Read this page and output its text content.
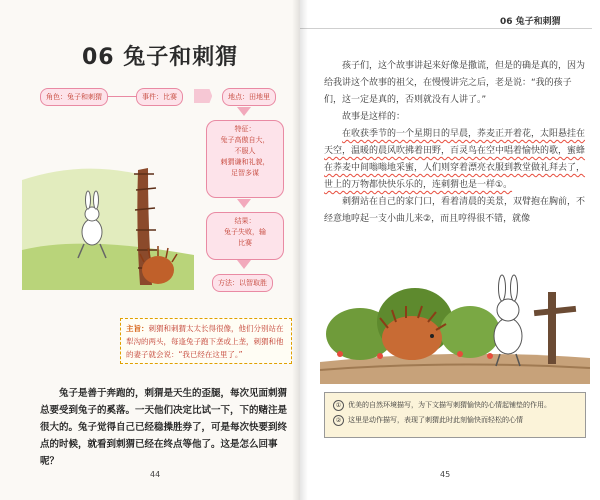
06 兔子和刺猬
角色：兔子和刺猬	事件：比赛
	地点：田地里
特征：
兔子高傲自大，
不服人
刺猬谦和礼貌，
足智多谋
结果：
兔子失败，输
比赛
方法：以智取胜
主旨：刺猬和刺猬太太长得很像，他们分别站在犁沟的两头，每逢兔子跑下垄或上垄，刺猬和他的妻子就会说：“我已经在这里了。”

兔子是善于奔跑的，刺猬是天生的歪腿，每次见面刺猬总要受到兔子的奚落。一天他们决定比试一下，下的赌注是很大的。兔子觉得自己已经稳操胜券了，可是每次快要到终点的时候，就看到刺猬已经在终点等他了。这是怎么回事呢？

44
06 兔子和刺猬

孩子们，这个故事讲起来好像是撒谎，但是的确是真的，因为给我讲这个故事的祖父，在慢慢讲完之后，老是说：“我的孩子们，这一定是真的，否则就没有人讲了。”

故事是这样的：

在收获季节的一个星期日的早晨，荞麦正开着花，太阳悬挂在天空，温暖的晨风吹拂着田野，百灵鸟在空中唱着愉快的歌，蜜蜂在荞麦中间嗡嗡地采蜜，人们则穿着漂亮衣服到教堂做礼拜去了，世上的万物都快快乐乐的，连刺猬也是一样①。

刺猬站在自己的家门口，看着清晨的美景，双臂抱在胸前，不经意地哼起一支小曲儿来②，而且哼得很不错，就像

① 优美的自然环境描写，为下文描写刺猬愉快的心情起铺垫的作用。
② 这里是动作描写，表现了刺猬此时此刻愉快而轻松的心情
45
